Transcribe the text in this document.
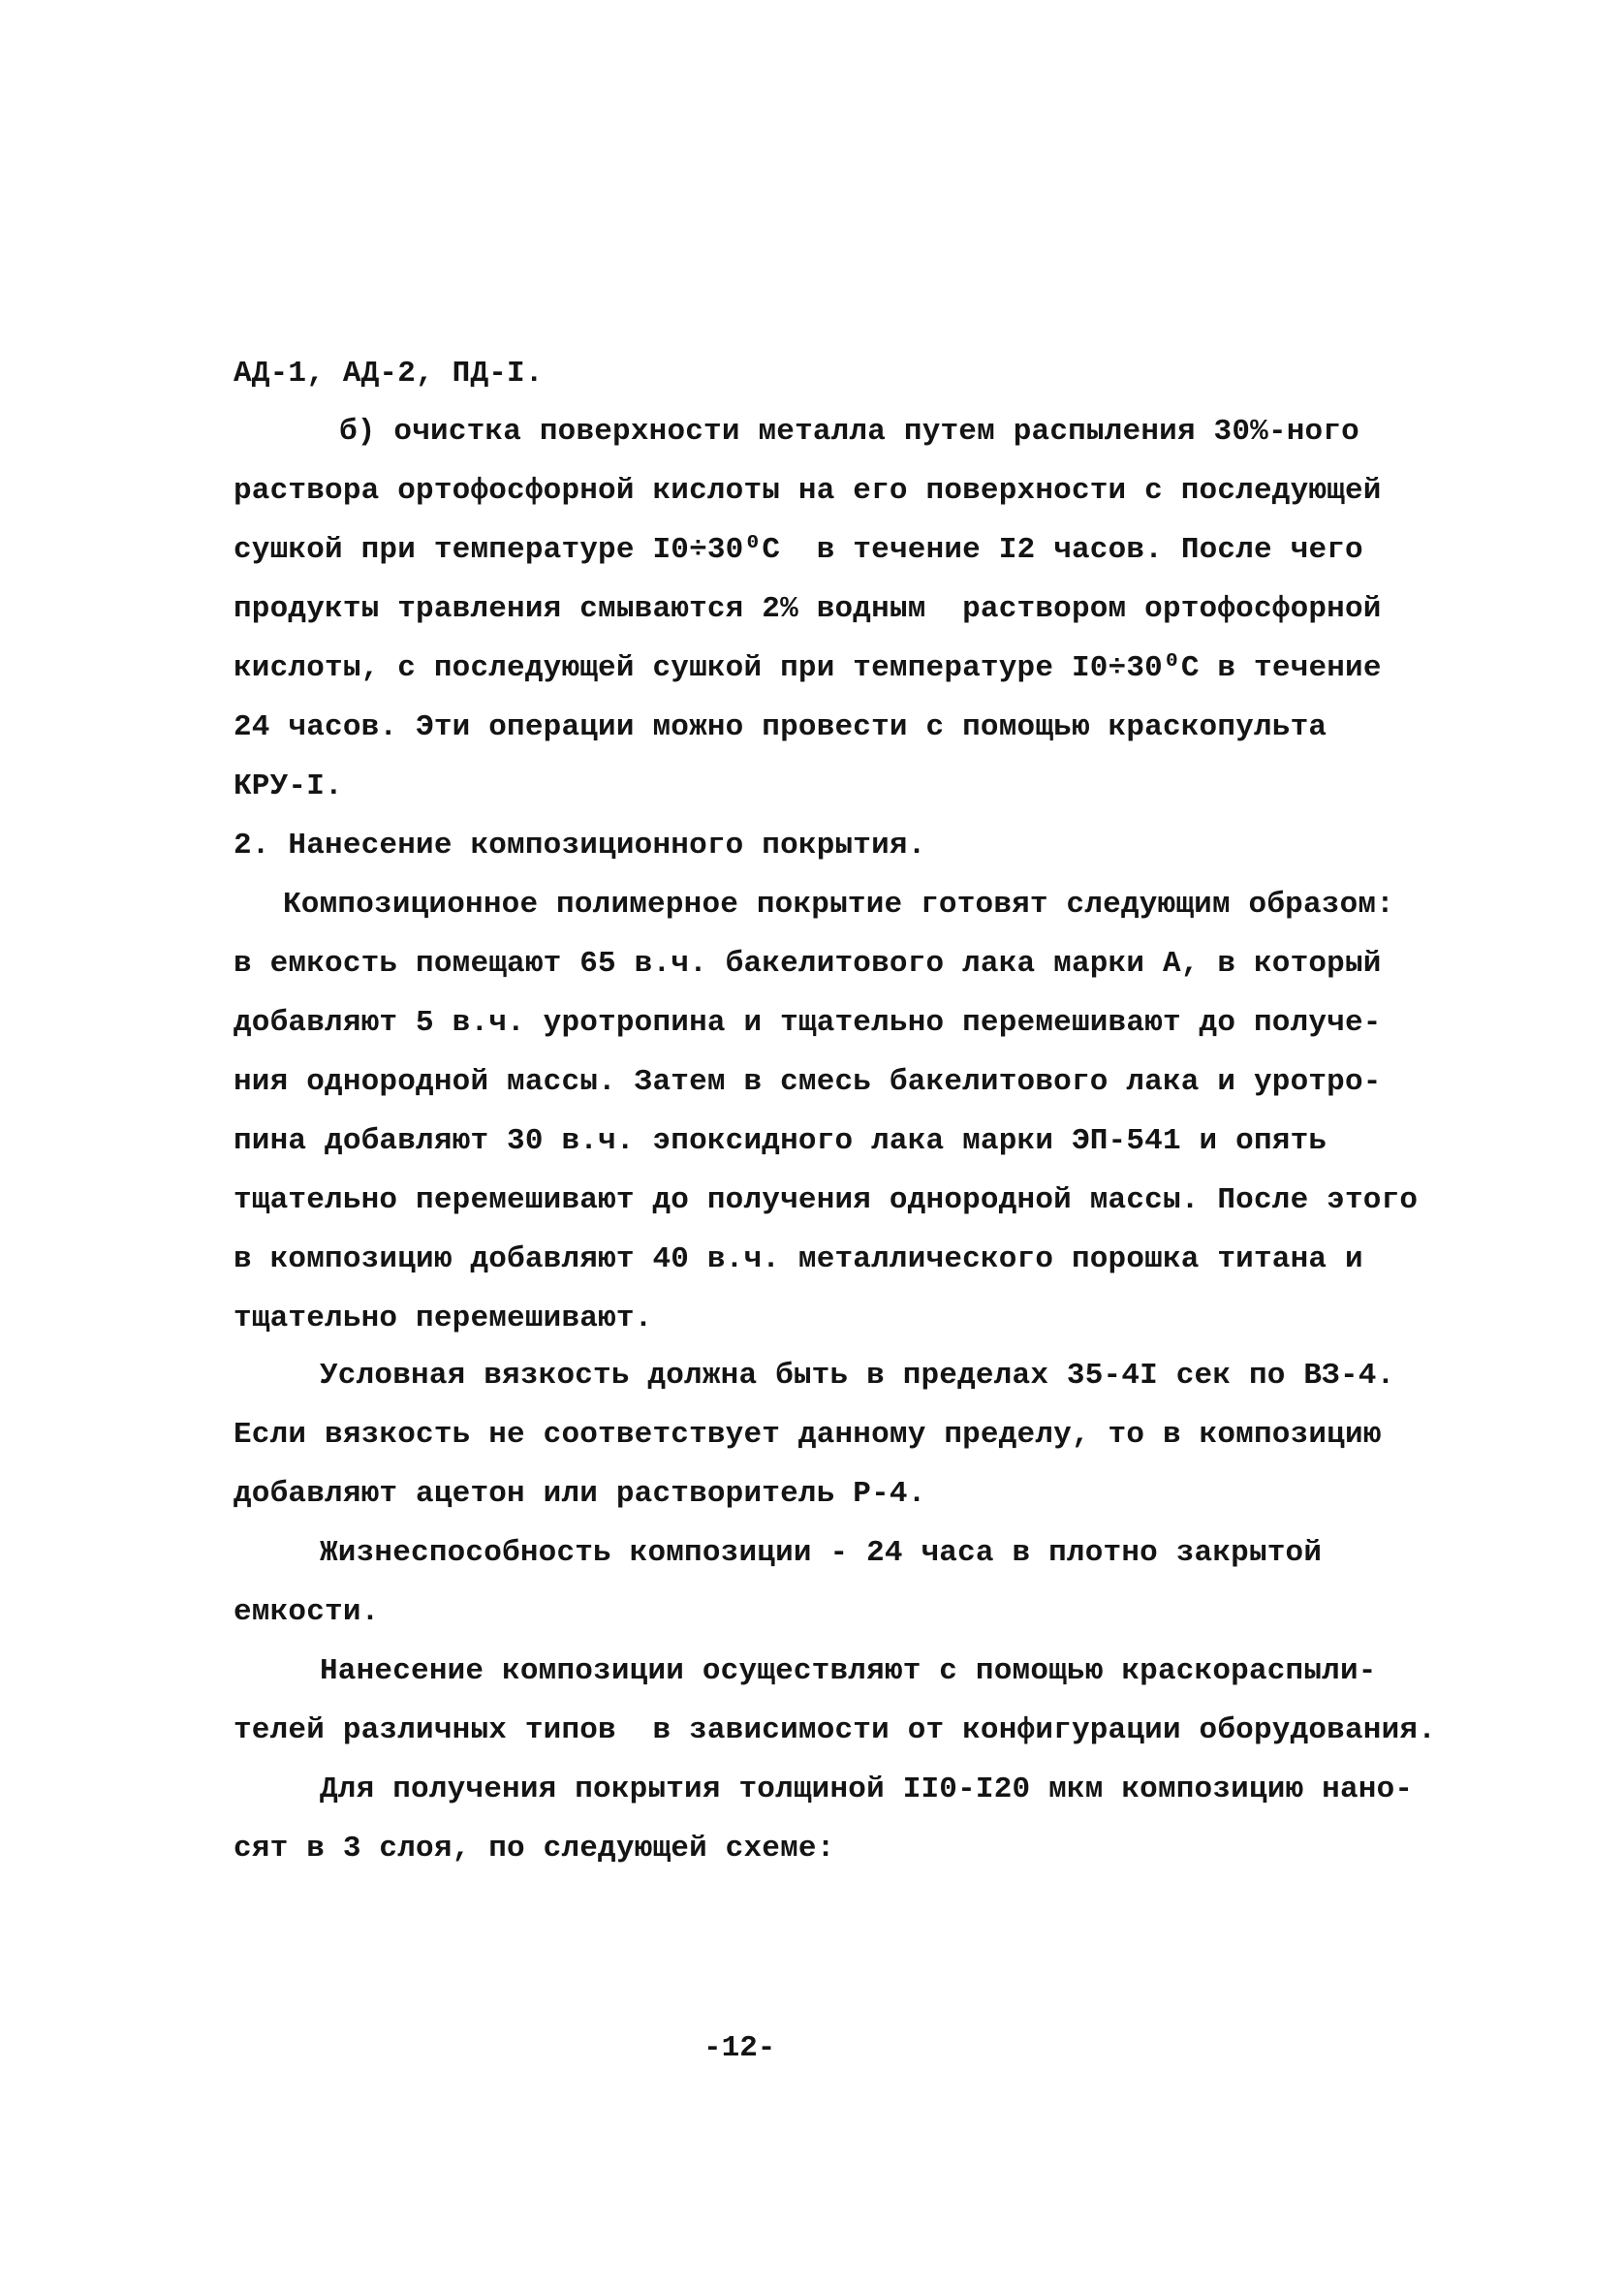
АД-1, АД-2, ПД-I.
б) очистка поверхности металла путем распыления 30%-ного
раствора ортофосфорной кислоты на его поверхности с последующей
сушкой при температуре I0÷30⁰С  в течение I2 часов. После чего
продукты травления смываются 2% водным  раствором ортофосфорной
кислоты, с последующей сушкой при температуре I0÷30⁰С в течение
24 часов. Эти операции можно провести с помощью краскопульта
КРУ-I.
2. Нанесение композиционного покрытия.
Композиционное полимерное покрытие готовят следующим образом:
в емкость помещают 65 в.ч. бакелитового лака марки А, в который
добавляют 5 в.ч. уротропина и тщательно перемешивают до получе-
ния однородной массы. Затем в смесь бакелитового лака и уротро-
пина добавляют 30 в.ч. эпоксидного лака марки ЭП-541 и опять
тщательно перемешивают до получения однородной массы. После этого
в композицию добавляют 40 в.ч. металлического порошка титана и
тщательно перемешивают.
Условная вязкость должна быть в пределах 35-4I сек по ВЗ-4.
Если вязкость не соответствует данному пределу, то в композицию
добавляют ацетон или растворитель Р-4.
Жизнеспособность композиции - 24 часа в плотно закрытой
емкости.
Нанесение композиции осуществляют с помощью краскораспыли-
телей различных типов  в зависимости от конфигурации оборудования.
Для получения покрытия толщиной II0-I20 мкм композицию нано-
сят в 3 слоя, по следующей схеме:
-12-
